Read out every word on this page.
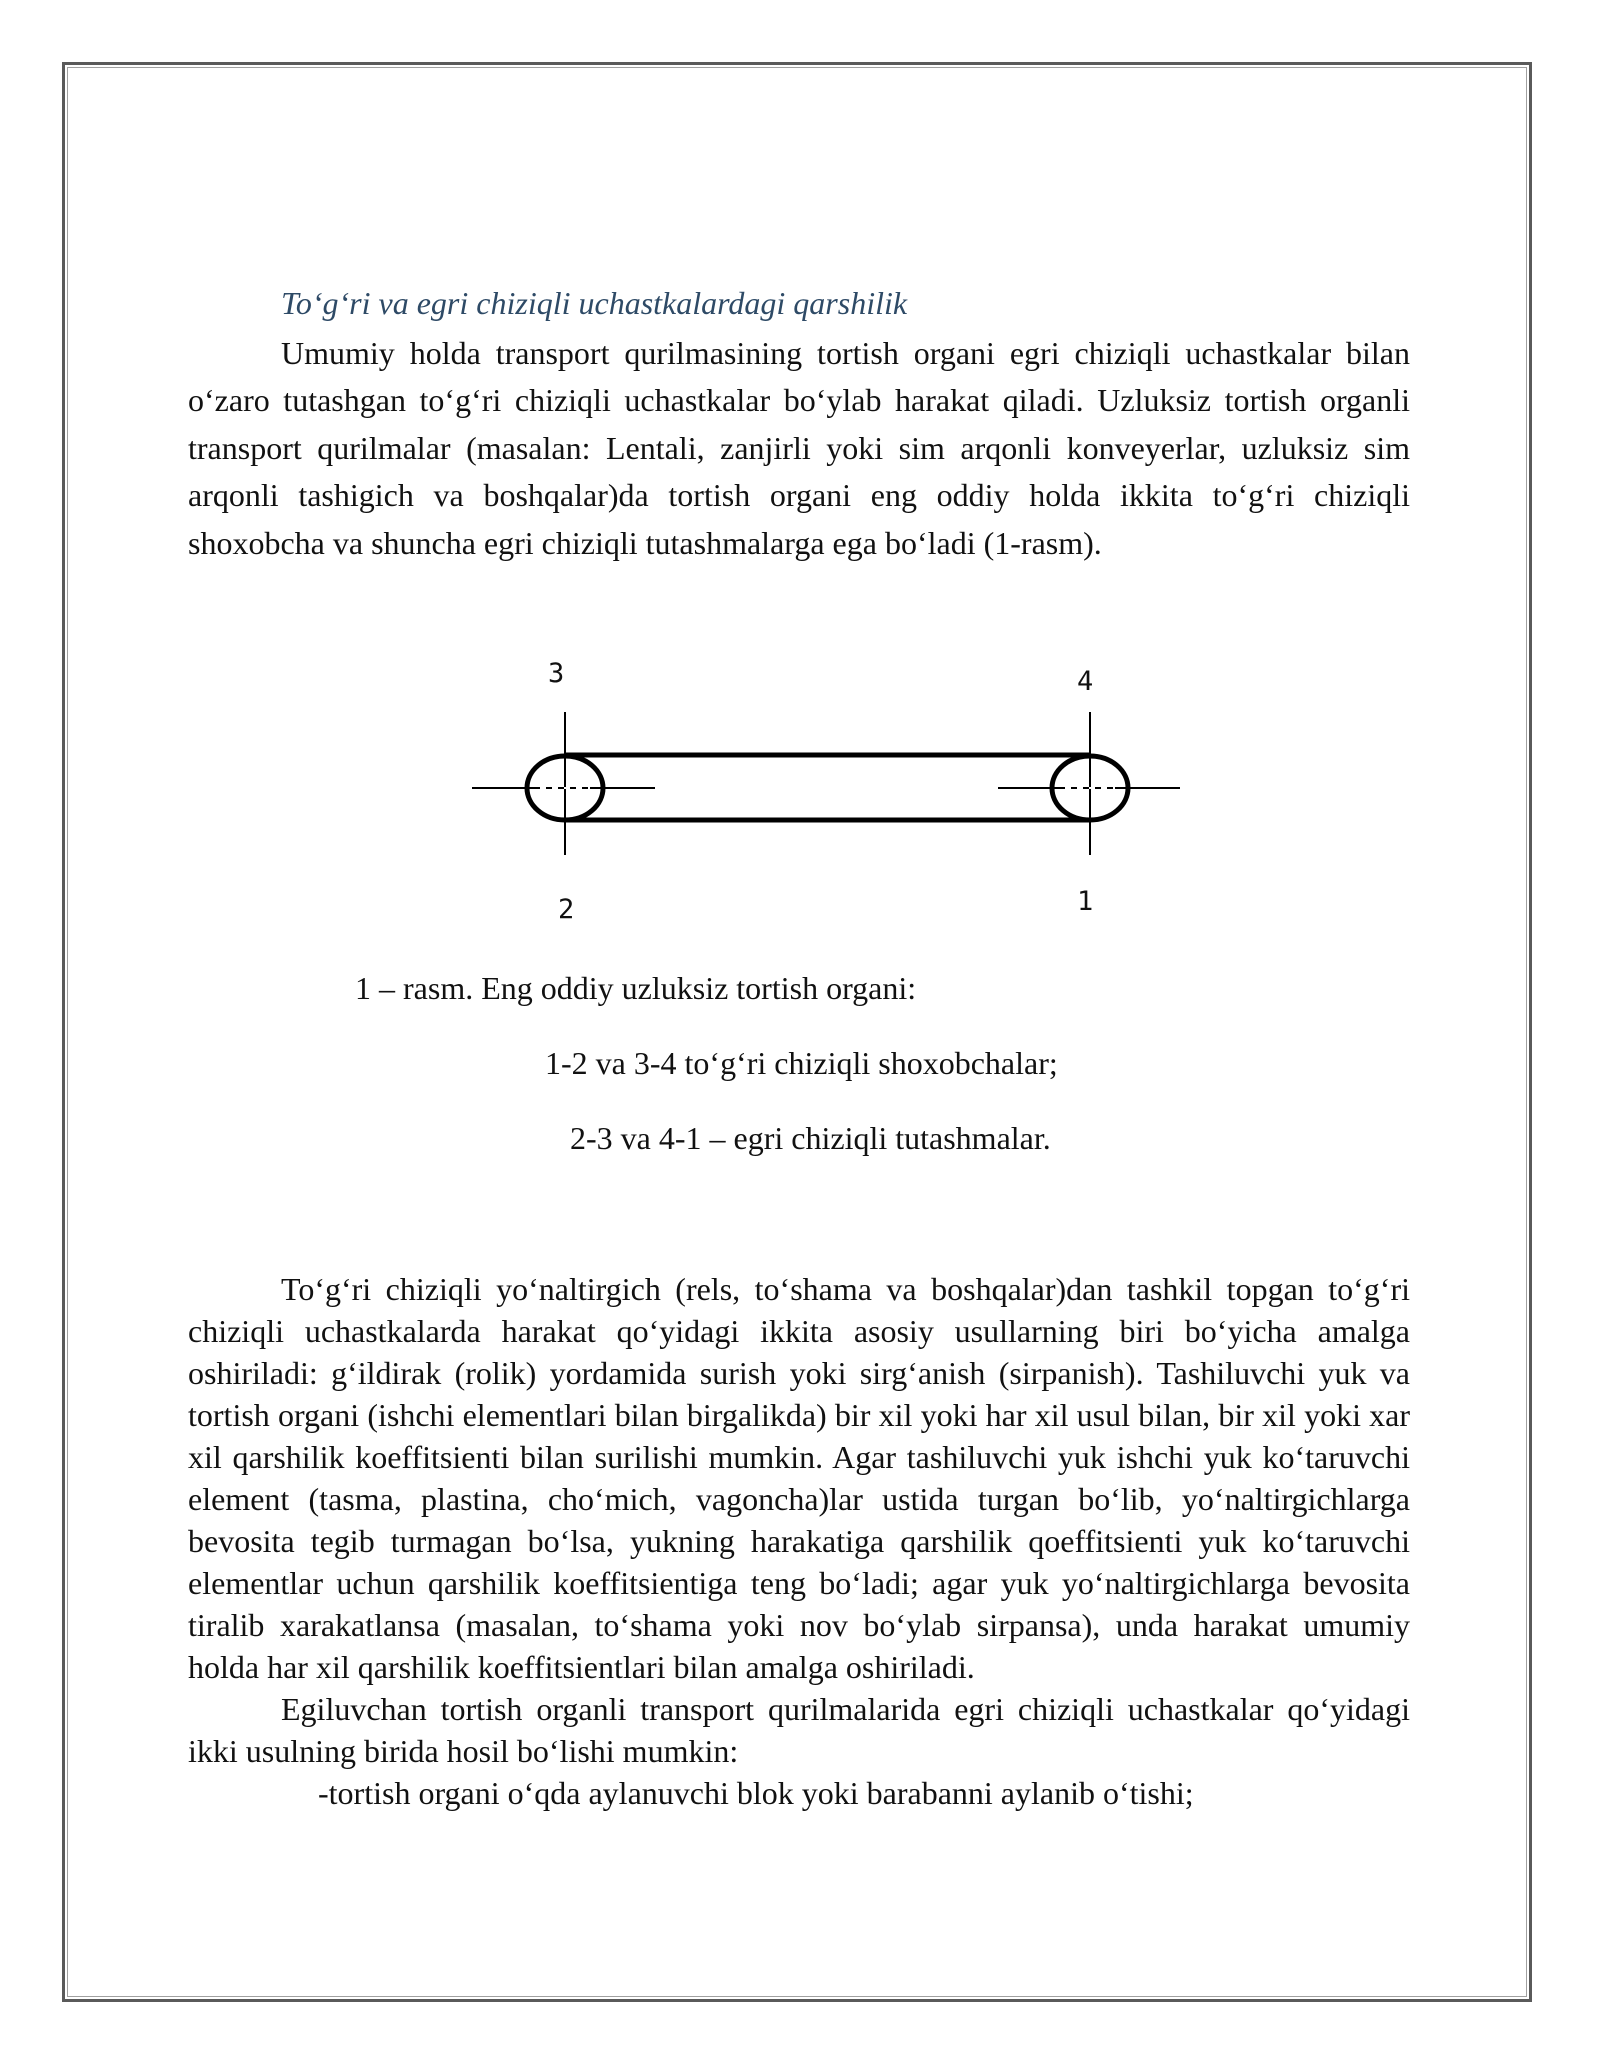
To‘g‘ri va egri chiziqli uchastkalardagi qarshilik

Umumiy holda transport qurilmasining tortish organi egri chiziqli uchastkalar bilan o‘zaro tutashgan to‘g‘ri chiziqli uchastkalar bo‘ylab harakat qiladi. Uzluksiz tortish organli transport qurilmalar (masalan: Lentali, zanjirli yoki sim arqonli konveyerlar, uzluksiz sim arqonli tashigich va boshqalar)da tortish organi eng oddiy holda ikkita to‘g‘ri chiziqli shoxobcha va shuncha egri chiziqli tutashmalarga ega bo‘ladi (1-rasm).

3	4
2	1
1 – rasm. Eng oddiy uzluksiz tortish organi:
1-2 va 3-4 to‘g‘ri chiziqli shoxobchalar;
2-3 va 4-1 – egri chiziqli tutashmalar.

To‘g‘ri chiziqli yo‘naltirgich (rels, to‘shama va boshqalar)dan tashkil topgan to‘g‘ri chiziqli uchastkalarda harakat qo‘yidagi ikkita asosiy usullarning biri bo‘yicha amalga oshiriladi: g‘ildirak (rolik) yordamida surish yoki sirg‘anish (sirpanish). Tashiluvchi yuk va tortish organi (ishchi elementlari bilan birgalikda) bir xil yoki har xil usul bilan, bir xil yoki xar xil qarshilik koeffitsienti bilan surilishi mumkin. Agar tashiluvchi yuk ishchi yuk ko‘taruvchi element (tasma, plastina, cho‘mich, vagoncha)lar ustida turgan bo‘lib, yo‘naltirgichlarga bevosita tegib turmagan bo‘lsa, yukning harakatiga qarshilik qoeffitsienti yuk ko‘taruvchi elementlar uchun qarshilik koeffitsientiga teng bo‘ladi; agar yuk yo‘naltirgichlarga bevosita tiralib xarakatlansa (masalan, to‘shama yoki nov bo‘ylab sirpansa), unda harakat umumiy holda har xil qarshilik koeffitsientlari bilan amalga oshiriladi.

Egiluvchan tortish organli transport qurilmalarida egri chiziqli uchastkalar qo‘yidagi ikki usulning birida hosil bo‘lishi mumkin:

-tortish organi o‘qda aylanuvchi blok yoki barabanni aylanib o‘tishi;
